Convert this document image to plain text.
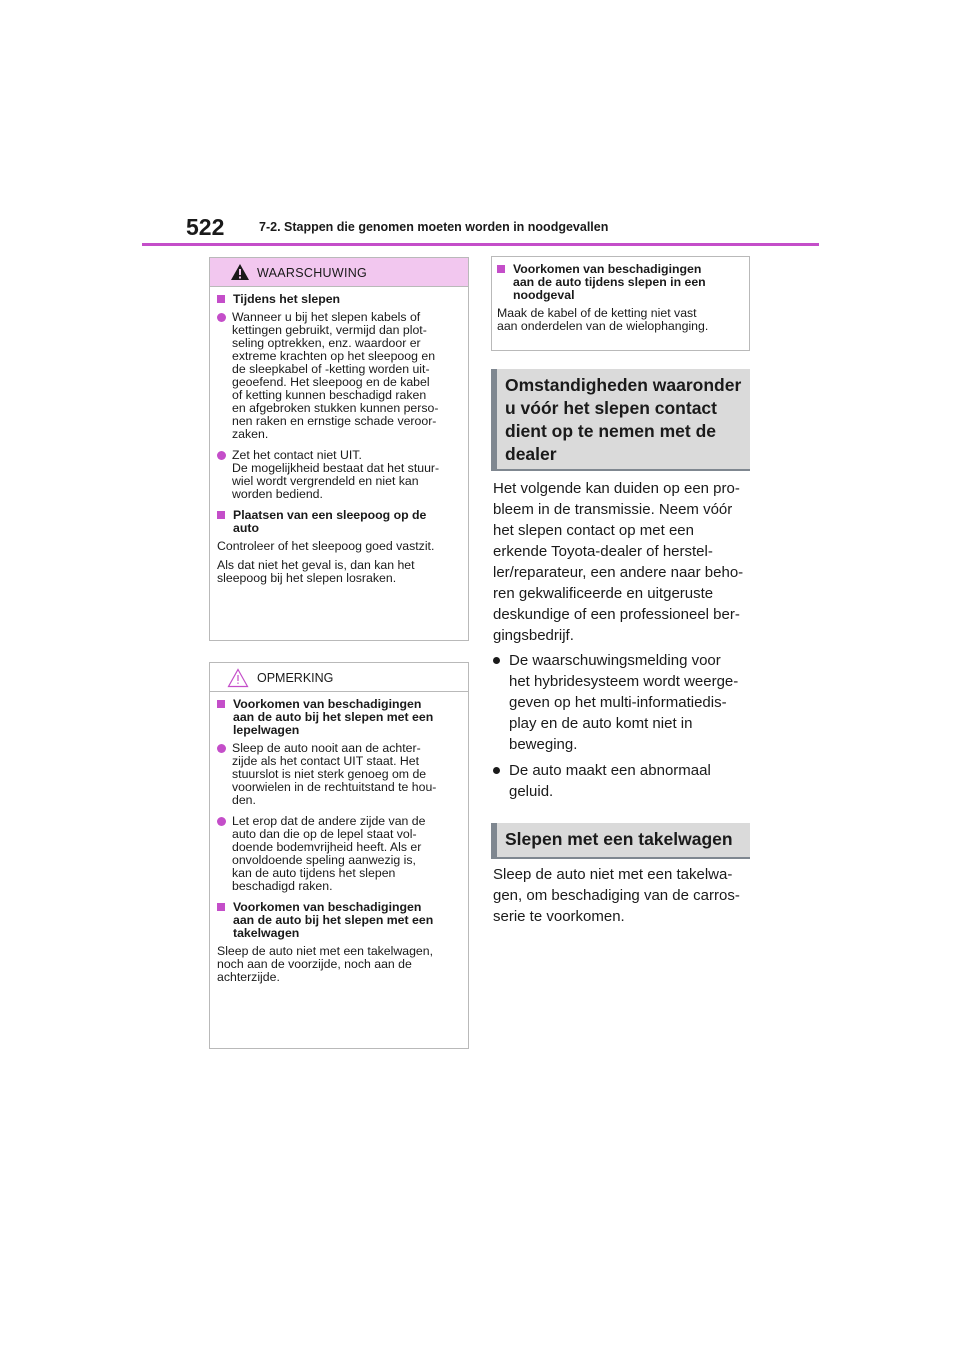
522	7-2. Stappen die genomen moeten worden in noodgevallen
WAARSCHUWING
Tijdens het slepen
Wanneer u bij het slepen kabels of
kettingen gebruikt, vermijd dan plot-
seling optrekken, enz. waardoor er
extreme krachten op het sleepoog en
de sleepkabel of -ketting worden uit-
geoefend. Het sleepoog en de kabel
of ketting kunnen beschadigd raken
en afgebroken stukken kunnen perso-
nen raken en ernstige schade veroor-
zaken.
Zet het contact niet UIT.
De mogelijkheid bestaat dat het stuur-
wiel wordt vergrendeld en niet kan
worden bediend.
Plaatsen van een sleepoog op de
auto
Controleer of het sleepoog goed vastzit.
Als dat niet het geval is, dan kan het
sleepoog bij het slepen losraken.
OPMERKING
Voorkomen van beschadigingen
aan de auto bij het slepen met een
lepelwagen
Sleep de auto nooit aan de achter-
zijde als het contact UIT staat. Het
stuurslot is niet sterk genoeg om de
voorwielen in de rechtuitstand te hou-
den.
Let erop dat de andere zijde van de
auto dan die op de lepel staat vol-
doende bodemvrijheid heeft. Als er
onvoldoende speling aanwezig is,
kan de auto tijdens het slepen
beschadigd raken.
Voorkomen van beschadigingen
aan de auto bij het slepen met een
takelwagen
Sleep de auto niet met een takelwagen,
noch aan de voorzijde, noch aan de
achterzijde.
Voorkomen van beschadigingen
aan de auto tijdens slepen in een
noodgeval
Maak de kabel of de ketting niet vast
aan onderdelen van de wielophanging.
Omstandigheden waaronder
u vóór het slepen contact
dient op te nemen met de
dealer
Het volgende kan duiden op een pro-
bleem in de transmissie. Neem vóór
het slepen contact op met een
erkende Toyota-dealer of herstel-
ler/reparateur, een andere naar beho-
ren gekwalificeerde en uitgeruste
deskundige of een professioneel ber-
gingsbedrijf.
De waarschuwingsmelding voor
het hybridesysteem wordt weerge-
geven op het multi-informatiedis-
play en de auto komt niet in
beweging.
De auto maakt een abnormaal
geluid.
Slepen met een takelwagen
Sleep de auto niet met een takelwa-
gen, om beschadiging van de carros-
serie te voorkomen.
